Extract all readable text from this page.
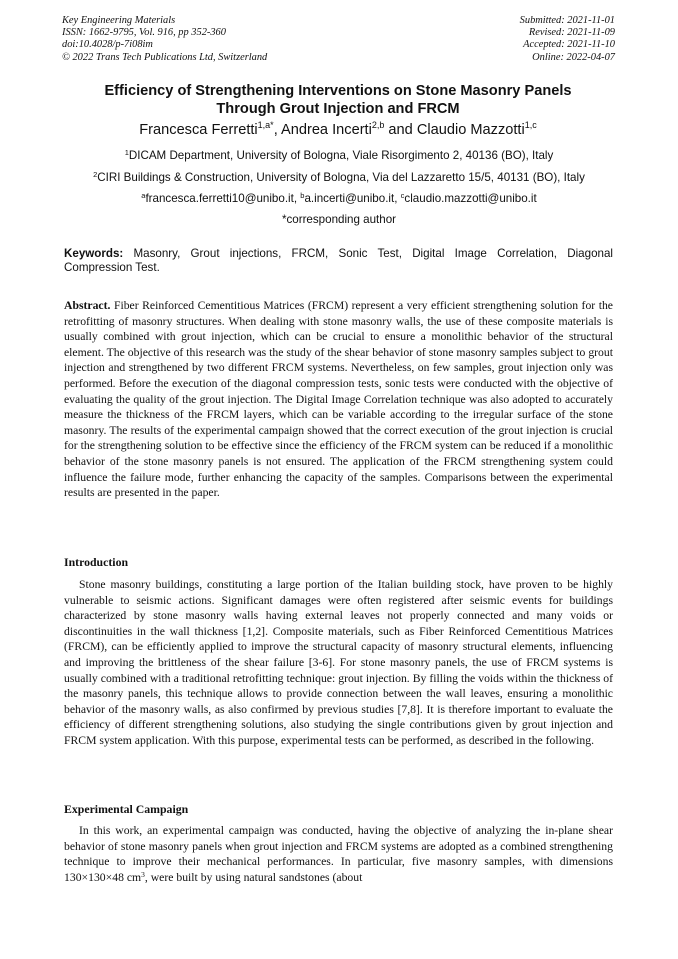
Key Engineering Materials
ISSN: 1662-9795, Vol. 916, pp 352-360
doi:10.4028/p-7i08im
© 2022 Trans Tech Publications Ltd, Switzerland
Submitted: 2021-11-01
Revised: 2021-11-09
Accepted: 2021-11-10
Online: 2022-04-07
Efficiency of Strengthening Interventions on Stone Masonry Panels
Through Grout Injection and FRCM
Francesca Ferretti$^{1,a*}$, Andrea Incerti$^{2,b}$ and Claudio Mazzotti$^{1,c}$
$^1$DICAM Department, University of Bologna, Viale Risorgimento 2, 40136 (BO), Italy
$^2$CIRI Buildings & Construction, University of Bologna, Via del Lazzaretto 15/5, 40131 (BO), Italy
$^a$francesca.ferretti10@unibo.it, $^b$a.incerti@unibo.it, $^c$claudio.mazzotti@unibo.it
*corresponding author
Keywords: Masonry, Grout injections, FRCM, Sonic Test, Digital Image Correlation, Diagonal Compression Test.
Abstract. Fiber Reinforced Cementitious Matrices (FRCM) represent a very efficient strengthening solution for the retrofitting of masonry structures. When dealing with stone masonry walls, the use of these composite materials is usually combined with grout injection, which can be crucial to ensure a monolithic behavior of the structural element. The objective of this research was the study of the shear behavior of stone masonry samples subject to grout injection and strengthened by two different FRCM systems. Nevertheless, on few samples, grout injection only was performed. Before the execution of the diagonal compression tests, sonic tests were conducted with the objective of evaluating the quality of the grout injection. The Digital Image Correlation technique was also adopted to accurately measure the thickness of the FRCM layers, which can be variable according to the irregular surface of the stone masonry. The results of the experimental campaign showed that the correct execution of the grout injection is crucial for the strengthening solution to be effective since the efficiency of the FRCM system can be reduced if a monolithic behavior of the stone masonry panels is not ensured. The application of the FRCM strengthening system could influence the failure mode, further enhancing the capacity of the samples. Comparisons between the experimental results are presented in the paper.
Introduction
Stone masonry buildings, constituting a large portion of the Italian building stock, have proven to be highly vulnerable to seismic actions. Significant damages were often registered after seismic events for buildings characterized by stone masonry walls having external leaves not properly connected and many voids or discontinuities in the wall thickness [1,2]. Composite materials, such as Fiber Reinforced Cementitious Matrices (FRCM), can be efficiently applied to improve the structural capacity of masonry structural elements, influencing and improving the brittleness of the shear failure [3-6]. For stone masonry panels, the use of FRCM systems is usually combined with a traditional retrofitting technique: grout injection. By filling the voids within the thickness of the masonry panels, this technique allows to provide connection between the wall leaves, ensuring a monolithic behavior of the masonry walls, as also confirmed by previous studies [7,8]. It is therefore important to evaluate the efficiency of different strengthening solutions, also studying the single contributions given by grout injection and FRCM system application. With this purpose, experimental tests can be performed, as described in the following.
Experimental Campaign
In this work, an experimental campaign was conducted, having the objective of analyzing the in-plane shear behavior of stone masonry panels when grout injection and FRCM systems are adopted as a combined strengthening technique to improve their mechanical performances. In particular, five masonry samples, with dimensions 130×130×48 $cm^3$, were built by using natural sandstones (about
